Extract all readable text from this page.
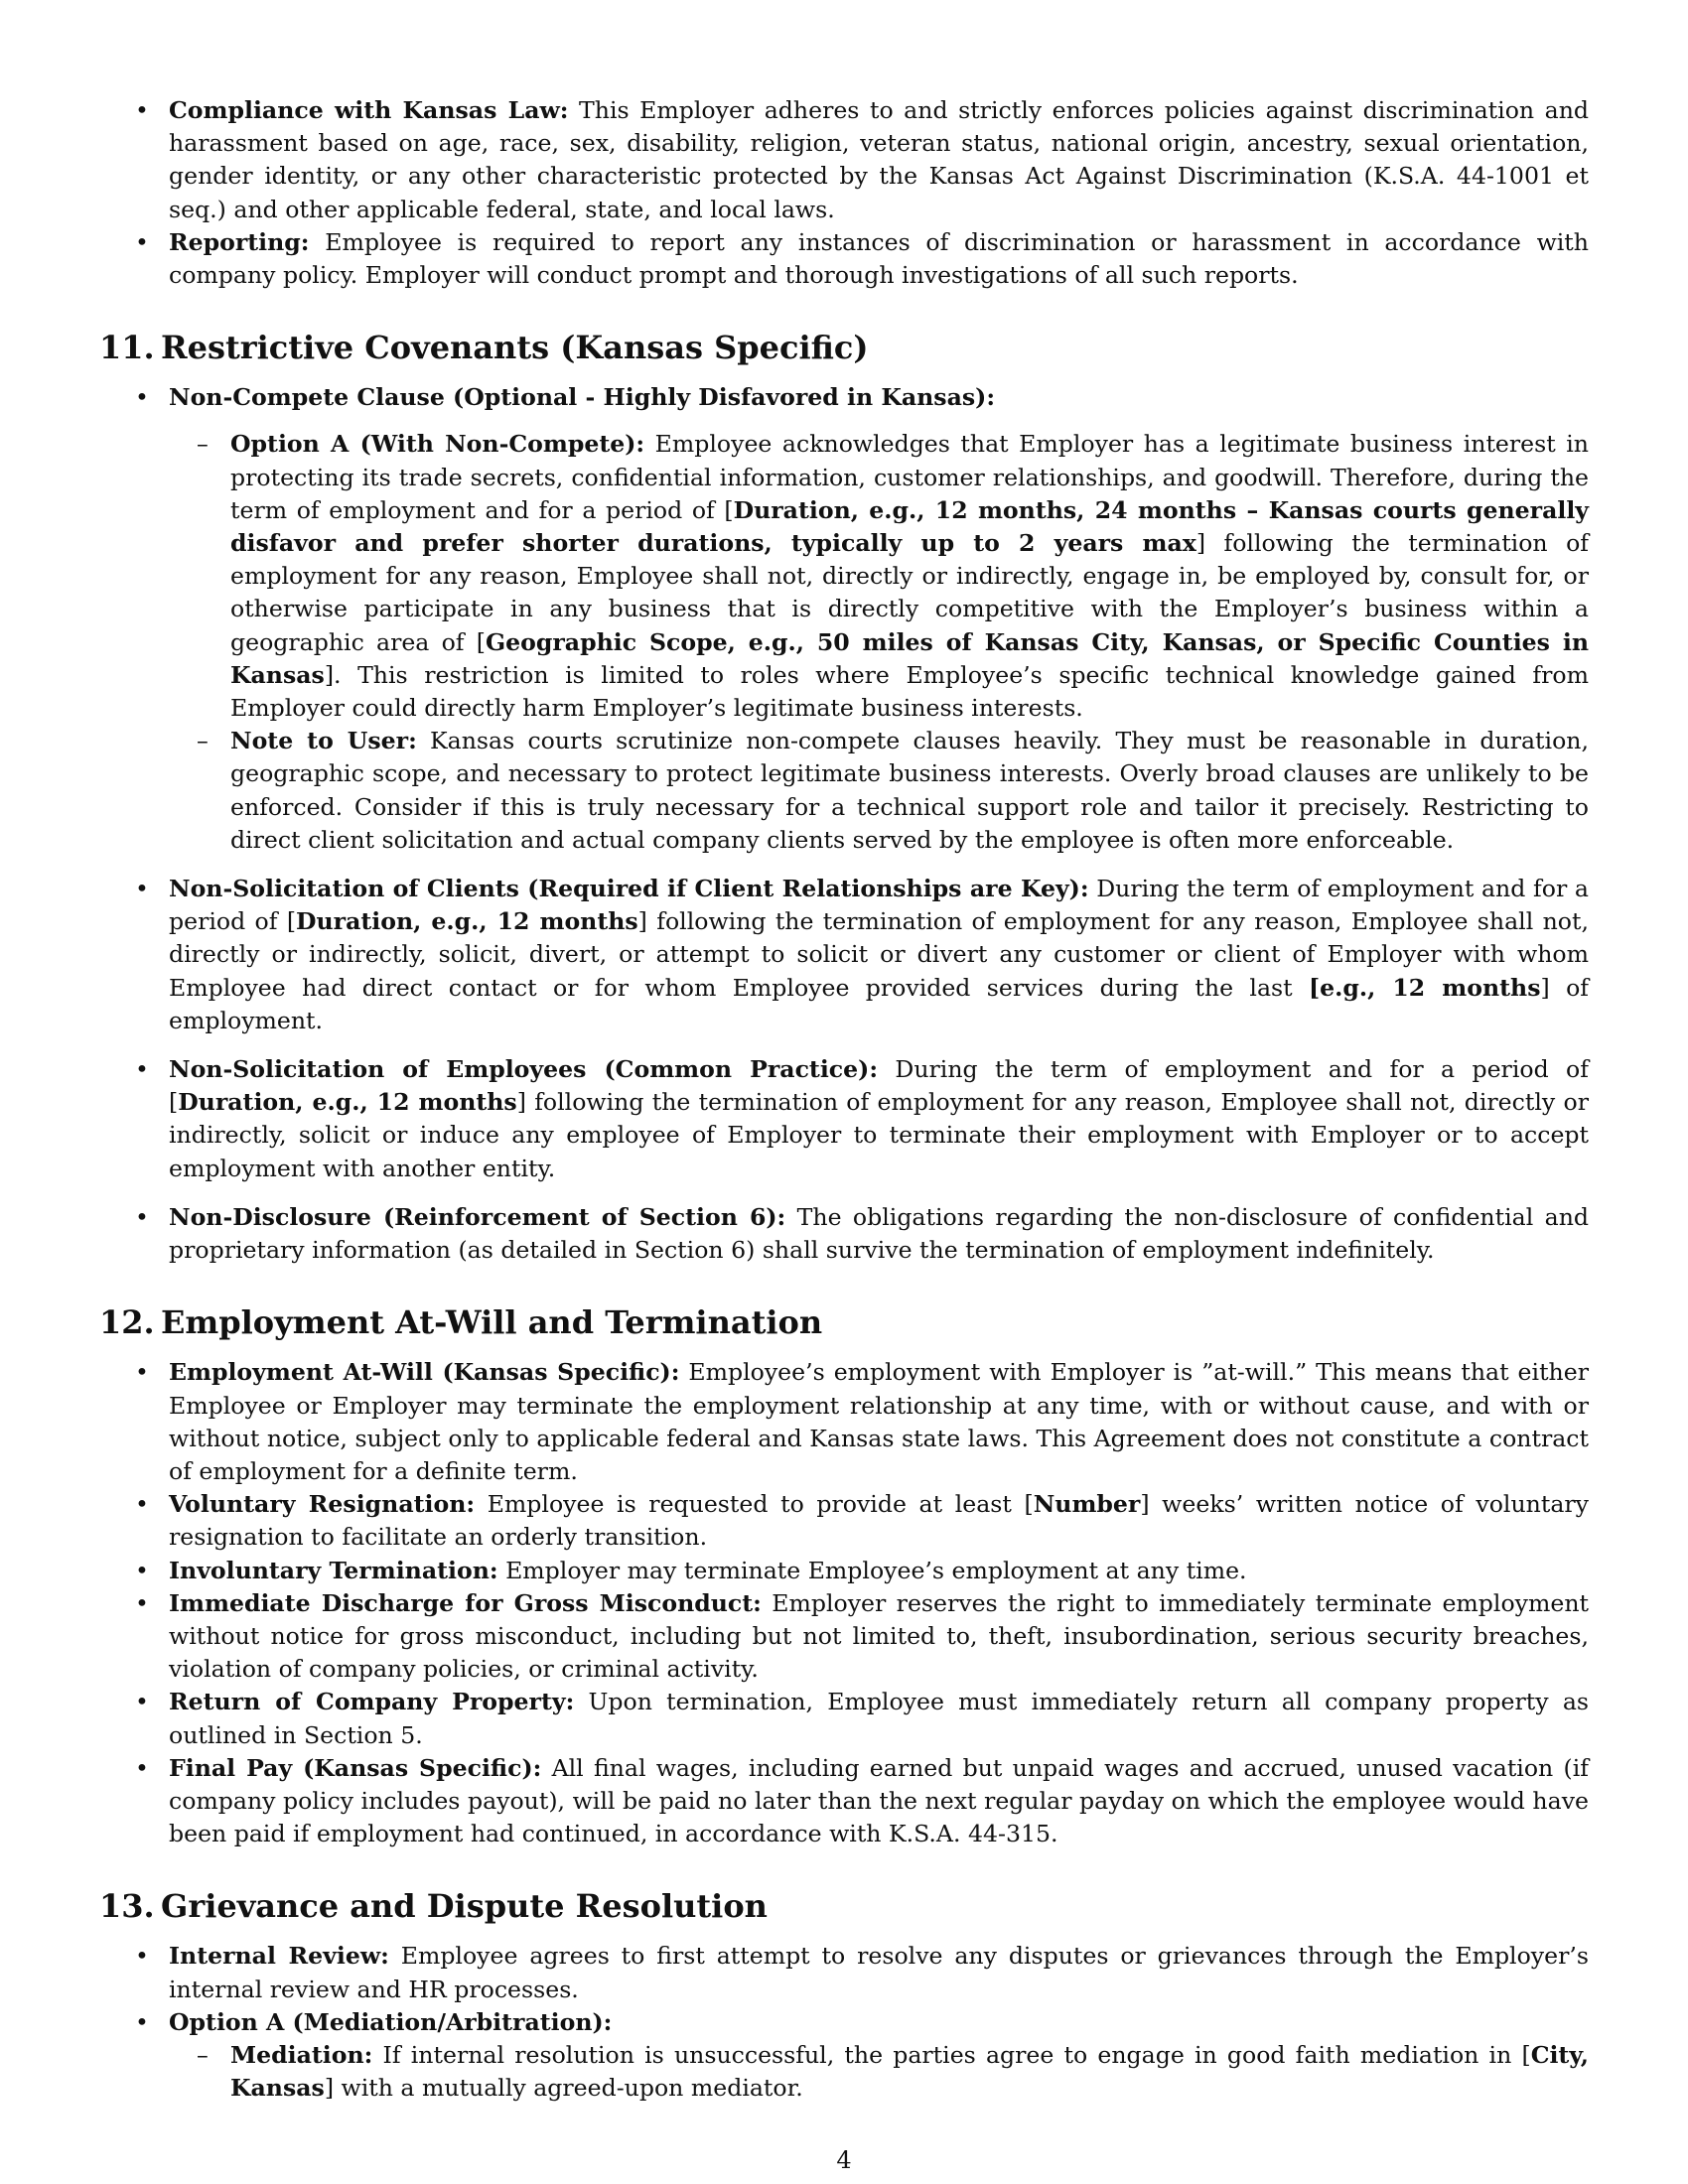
• Compliance with Kansas Law: This Employer adheres to and strictly enforces policies against discrimination and harassment based on age, race, sex, disability, religion, veteran status, national origin, ancestry, sexual orientation, gender identity, or any other characteristic protected by the Kansas Act Against Discrimination (K.S.A. 44-1001 et seq.) and other applicable federal, state, and local laws.
• Reporting: Employee is required to report any instances of discrimination or harassment in accordance with company policy. Employer will conduct prompt and thorough investigations of all such reports.
11. Restrictive Covenants (Kansas Specific)
• Non-Compete Clause (Optional - Highly Disfavored in Kansas):
– Option A (With Non-Compete): Employee acknowledges that Employer has a legitimate business interest in protecting its trade secrets, confidential information, customer relationships, and goodwill. Therefore, during the term of employment and for a period of [Duration, e.g., 12 months, 24 months – Kansas courts generally disfavor and prefer shorter durations, typically up to 2 years max] following the termination of employment for any reason, Employee shall not, directly or indirectly, engage in, be employed by, consult for, or otherwise participate in any business that is directly competitive with the Employer’s business within a geographic area of [Geographic Scope, e.g., 50 miles of Kansas City, Kansas, or Specific Counties in Kansas]. This restriction is limited to roles where Employee’s specific technical knowledge gained from Employer could directly harm Employer’s legitimate business interests.
– Note to User: Kansas courts scrutinize non-compete clauses heavily. They must be reasonable in duration, geographic scope, and necessary to protect legitimate business interests. Overly broad clauses are unlikely to be enforced. Consider if this is truly necessary for a technical support role and tailor it precisely. Restricting to direct client solicitation and actual company clients served by the employee is often more enforceable.
• Non-Solicitation of Clients (Required if Client Relationships are Key): During the term of employment and for a period of [Duration, e.g., 12 months] following the termination of employment for any reason, Employee shall not, directly or indirectly, solicit, divert, or attempt to solicit or divert any customer or client of Employer with whom Employee had direct contact or for whom Employee provided services during the last [e.g., 12 months] of employment.
• Non-Solicitation of Employees (Common Practice): During the term of employment and for a period of [Duration, e.g., 12 months] following the termination of employment for any reason, Employee shall not, directly or indirectly, solicit or induce any employee of Employer to terminate their employment with Employer or to accept employment with another entity.
• Non-Disclosure (Reinforcement of Section 6): The obligations regarding the non-disclosure of confidential and proprietary information (as detailed in Section 6) shall survive the termination of employment indefinitely.
12. Employment At-Will and Termination
• Employment At-Will (Kansas Specific): Employee’s employment with Employer is ”at-will.” This means that either Employee or Employer may terminate the employment relationship at any time, with or without cause, and with or without notice, subject only to applicable federal and Kansas state laws. This Agreement does not constitute a contract of employment for a definite term.
• Voluntary Resignation: Employee is requested to provide at least [Number] weeks’ written notice of voluntary resignation to facilitate an orderly transition.
• Involuntary Termination: Employer may terminate Employee’s employment at any time.
• Immediate Discharge for Gross Misconduct: Employer reserves the right to immediately terminate employment without notice for gross misconduct, including but not limited to, theft, insubordination, serious security breaches, violation of company policies, or criminal activity.
• Return of Company Property: Upon termination, Employee must immediately return all company property as outlined in Section 5.
• Final Pay (Kansas Specific): All final wages, including earned but unpaid wages and accrued, unused vacation (if company policy includes payout), will be paid no later than the next regular payday on which the employee would have been paid if employment had continued, in accordance with K.S.A. 44-315.
13. Grievance and Dispute Resolution
• Internal Review: Employee agrees to first attempt to resolve any disputes or grievances through the Employer’s internal review and HR processes.
• Option A (Mediation/Arbitration):
– Mediation: If internal resolution is unsuccessful, the parties agree to engage in good faith mediation in [City, Kansas] with a mutually agreed-upon mediator.
4
